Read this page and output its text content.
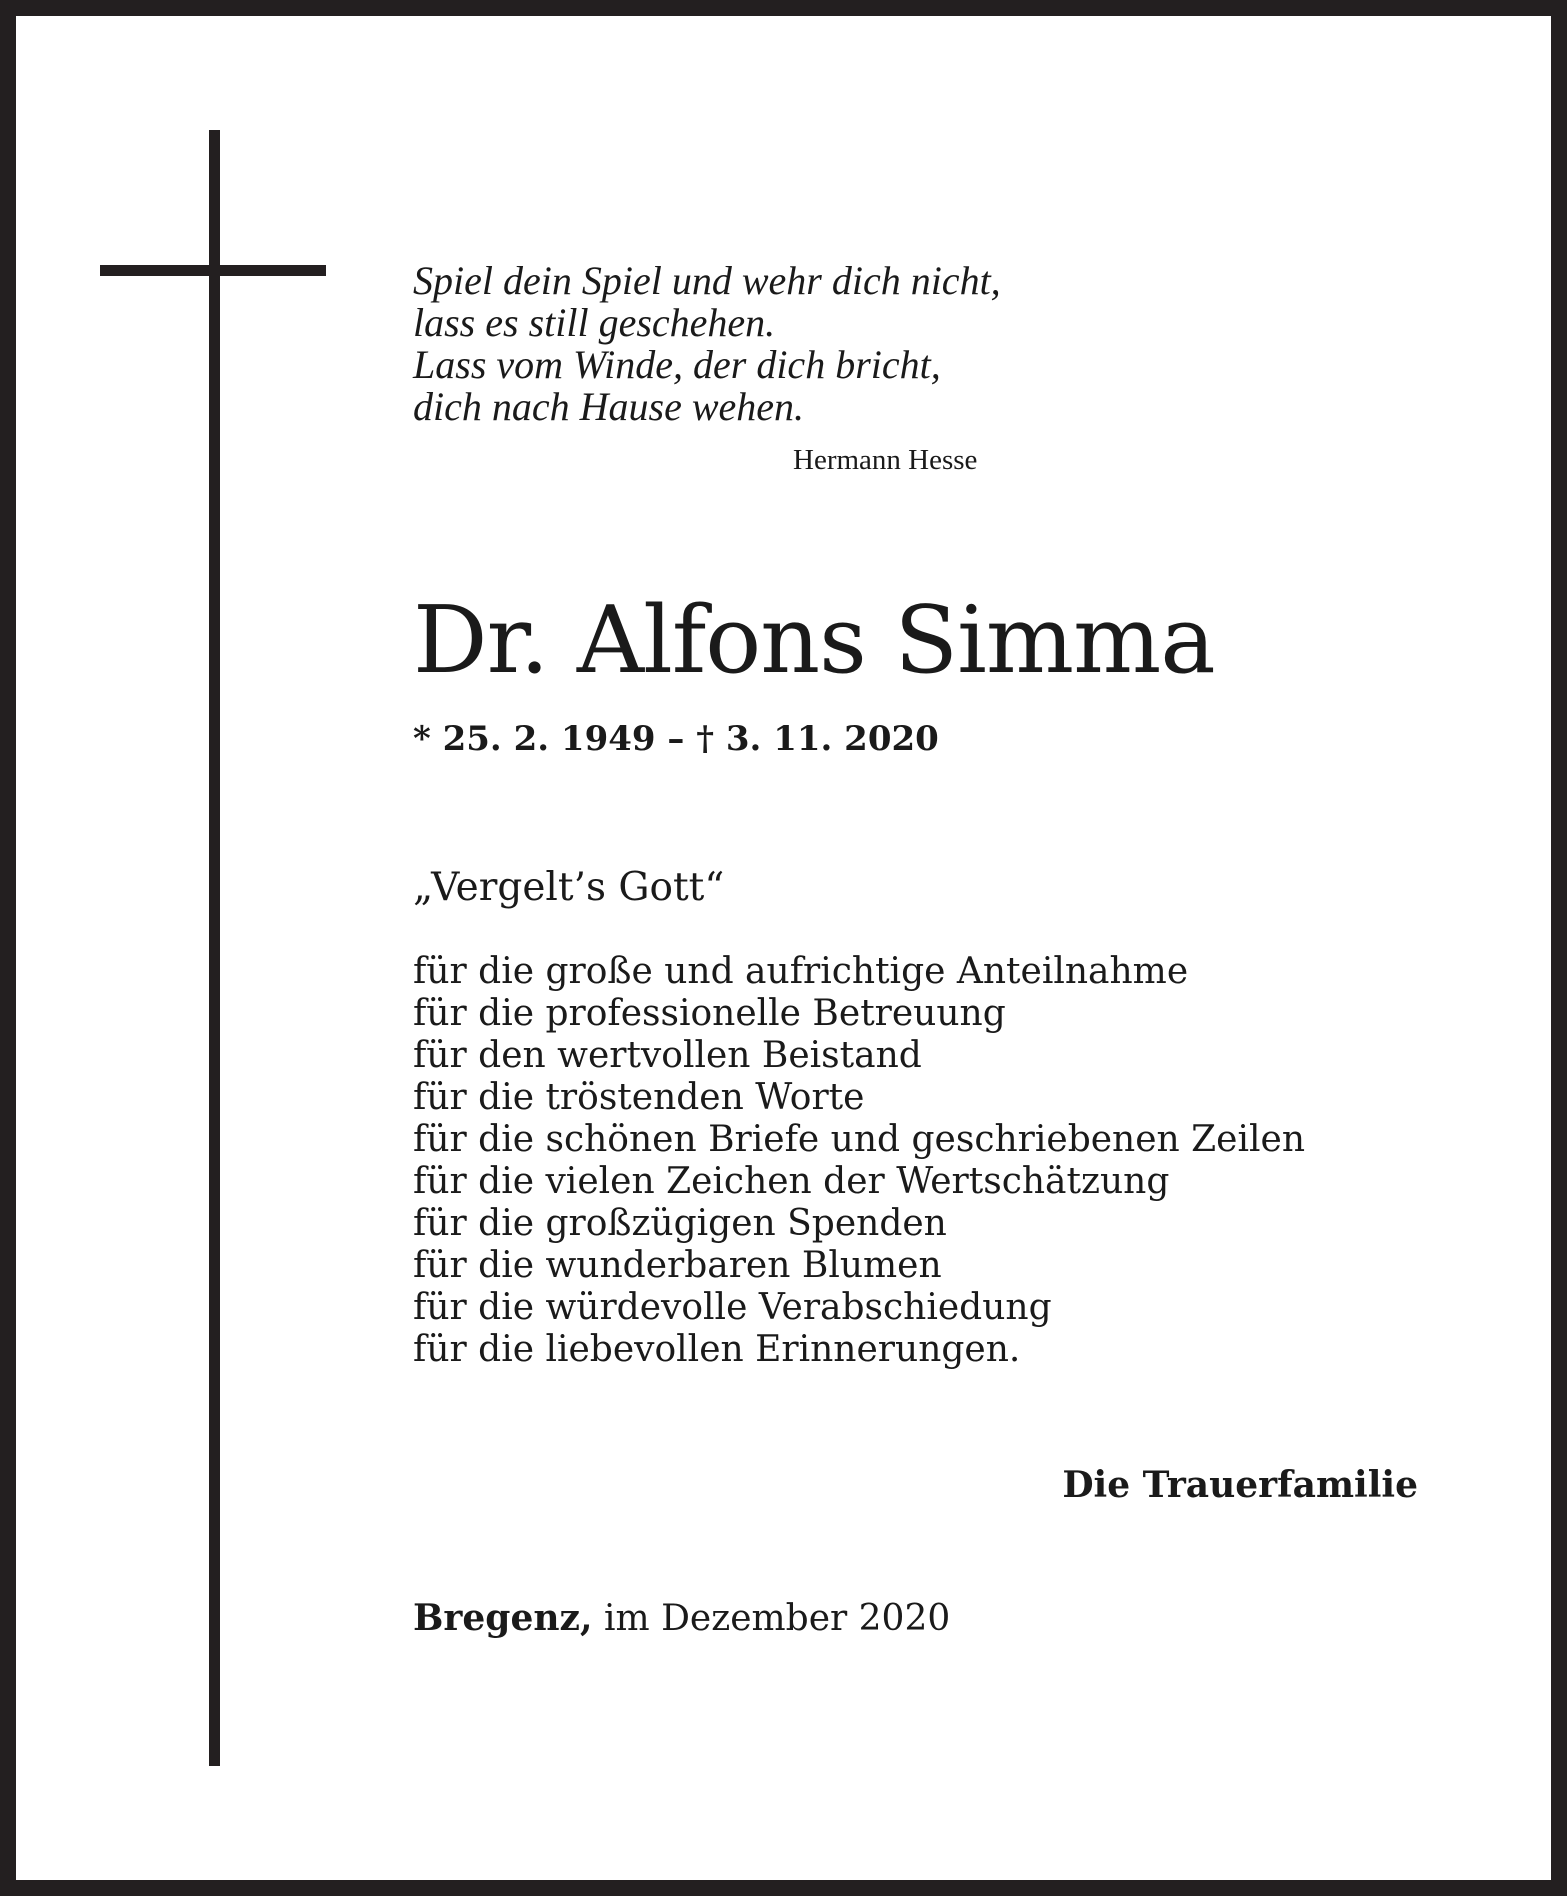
Spiel dein Spiel und wehr dich nicht,
lass es still geschehen.
Lass vom Winde, der dich bricht,
dich nach Hause wehen.
Hermann Hesse
Dr. Alfons Simma
* 25. 2. 1949 – † 3. 11. 2020
„Vergelt’s Gott“
für die große und aufrichtige Anteilnahme
für die professionelle Betreuung
für den wertvollen Beistand
für die tröstenden Worte
für die schönen Briefe und geschriebenen Zeilen
für die vielen Zeichen der Wertschätzung
für die großzügigen Spenden
für die wunderbaren Blumen
für die würdevolle Verabschiedung
für die liebevollen Erinnerungen.
Die Trauerfamilie
Bregenz, im Dezember 2020
